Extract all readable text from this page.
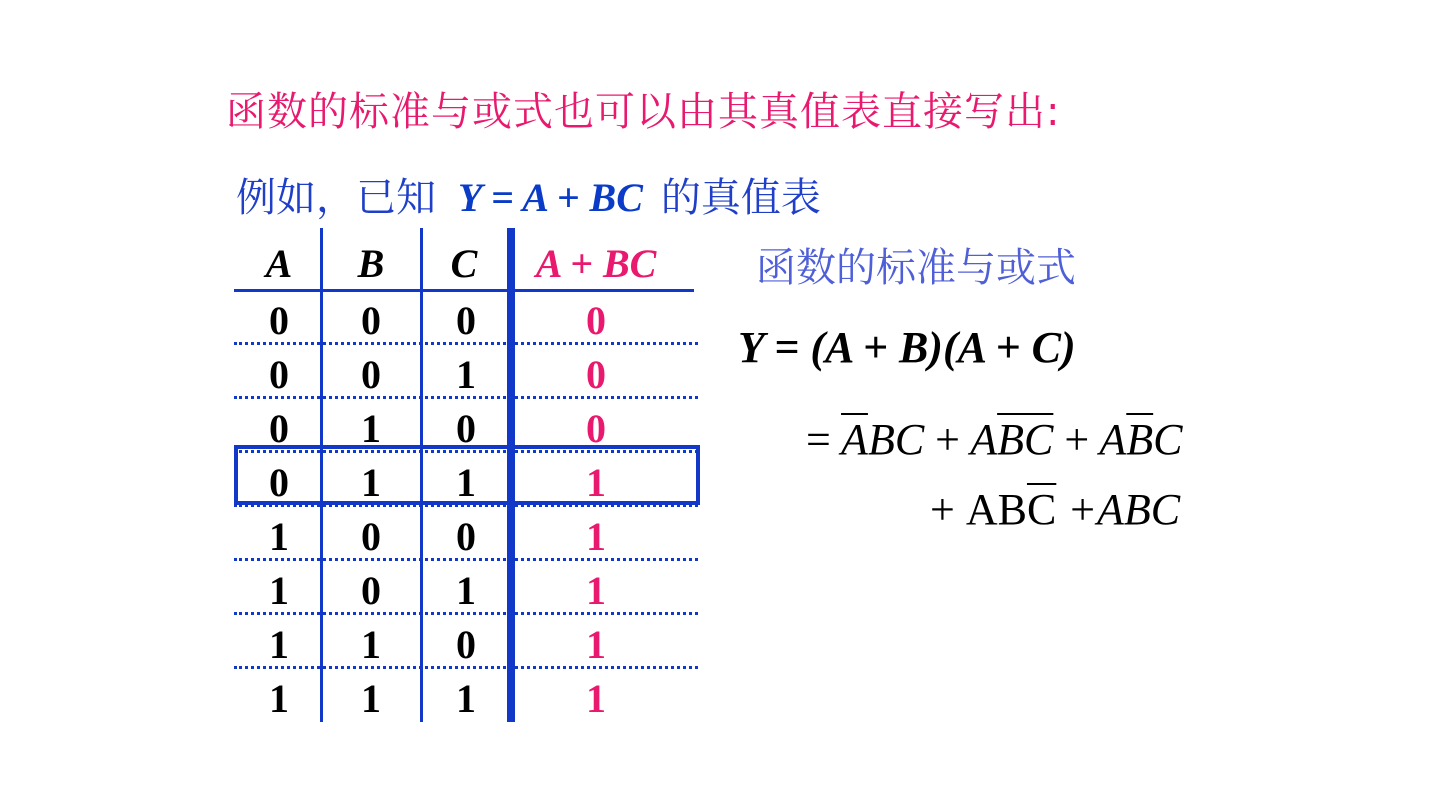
函数的标准与或式也可以由其真值表直接写出:
例如，已知 Y = A + BC 的真值表
函数的标准与或式
Y = (A + B)(A + C)
= $\overline{A}BC + A\overline{BC} + A\overline{B}C$
+ $AB\overline{C} +ABC$
A	B	C	A + BC
0	0	0	0
0	0	1	0
0	1	0	0
0	1	1	1
1	0	0	1
1	0	1	1
1	1	0	1
1	1	1	1
